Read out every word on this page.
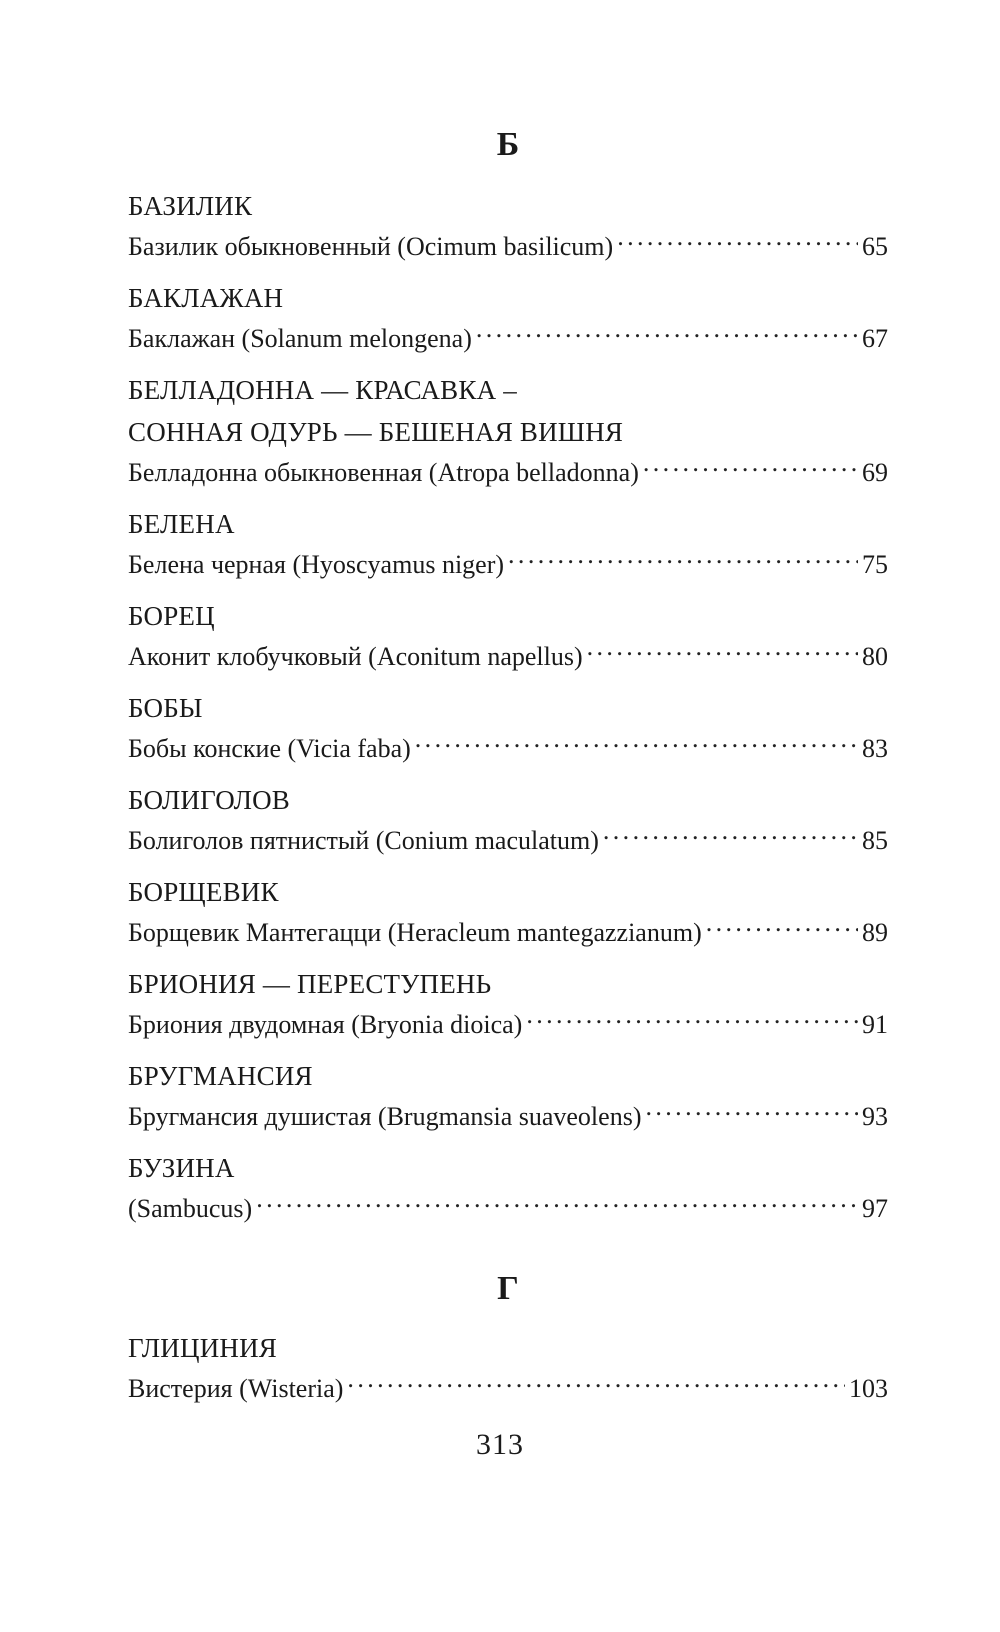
Б
БАЗИЛИК
Базилик обыкновенный (Ocimum basilicum) .....	65
БАКЛАЖАН
Баклажан (Solanum melongena) .....	67
БЕЛЛАДОННА — КРАСАВКА –
СОННАЯ ОДУРЬ — БЕШЕНАЯ ВИШНЯ
Белладонна обыкновенная (Atropa belladonna) .....	69
БЕЛЕНА
Белена черная (Hyoscyamus niger) .....	75
БОРЕЦ
Аконит клобучковый (Aconitum napellus) .....	80
БОБЫ
Бобы конские (Vicia faba) .....	83
БОЛИГОЛОВ
Болиголов пятнистый (Conium maculatum) .....	85
БОРЩЕВИК
Борщевик Мантегацци (Heracleum mantegazzianum) .....	89
БРИОНИЯ — ПЕРЕСТУПЕНЬ
Бриония двудомная (Bryonia dioica) .....	91
БРУГМАНСИЯ
Бругмансия душистая (Brugmansia suaveolens) .....	93
БУЗИНА
(Sambucus) .....	97
Г
ГЛИЦИНИЯ
Вистерия (Wisteria) .....	103
313
